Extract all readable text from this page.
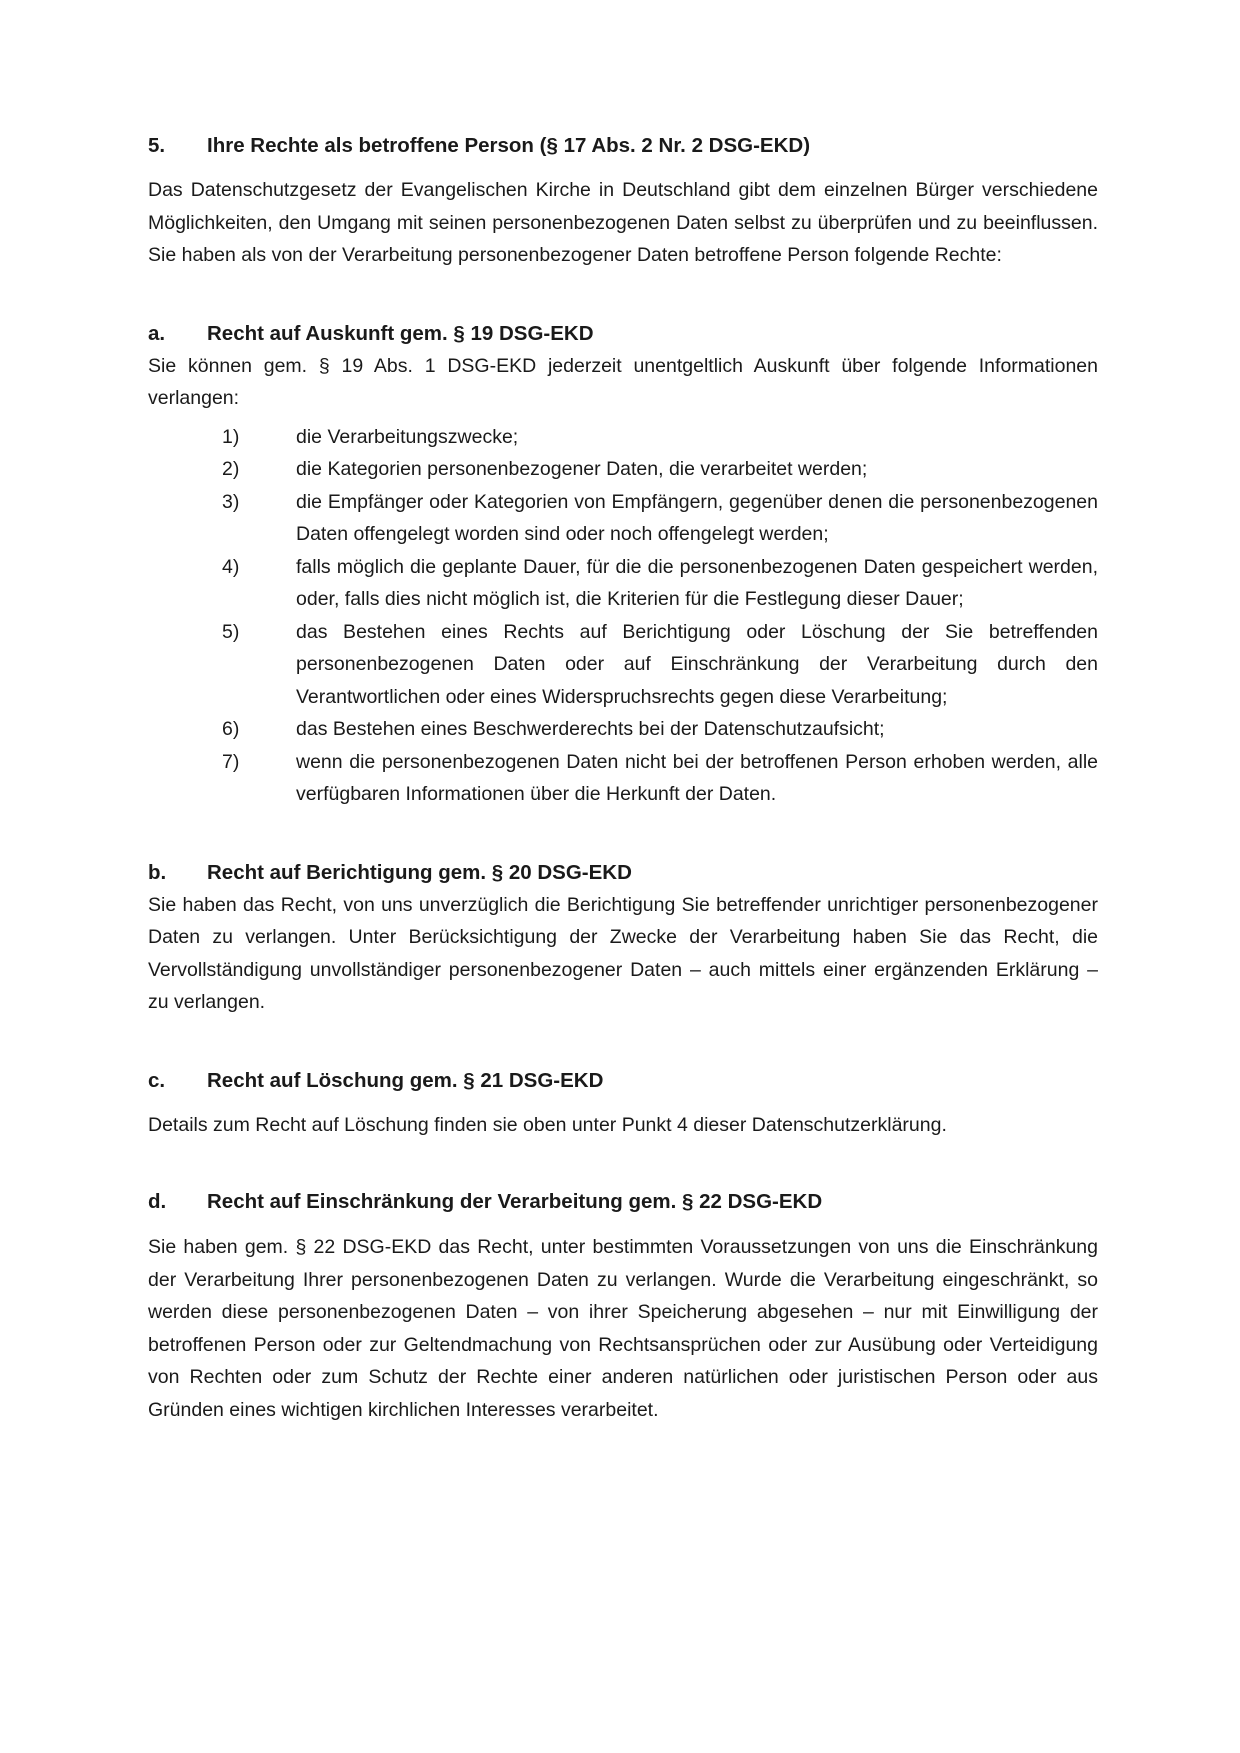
5.	Ihre Rechte als betroffene Person (§ 17 Abs. 2 Nr. 2 DSG-EKD)

Das Datenschutzgesetz der Evangelischen Kirche in Deutschland gibt dem einzelnen Bürger verschiedene Möglichkeiten, den Umgang mit seinen personenbezogenen Daten selbst zu überprüfen und zu beeinflussen. Sie haben als von der Verarbeitung personenbezogener Daten betroffene Person folgende Rechte:

a.	Recht auf Auskunft gem. § 19 DSG-EKD

Sie können gem. § 19 Abs. 1 DSG-EKD jederzeit unentgeltlich Auskunft über folgende Informationen verlangen:

1)	die Verarbeitungszwecke;
2)	die Kategorien personenbezogener Daten, die verarbeitet werden;
3)	die Empfänger oder Kategorien von Empfängern, gegenüber denen die personenbezogenen Daten offengelegt worden sind oder noch offengelegt werden;
4)	falls möglich die geplante Dauer, für die die personenbezogenen Daten gespeichert werden, oder, falls dies nicht möglich ist, die Kriterien für die Festlegung dieser Dauer;
5)	das Bestehen eines Rechts auf Berichtigung oder Löschung der Sie betreffenden personenbezogenen Daten oder auf Einschränkung der Verarbeitung durch den Verantwortlichen oder eines Widerspruchsrechts gegen diese Verarbeitung;
6)	das Bestehen eines Beschwerderechts bei der Datenschutzaufsicht;
7)	wenn die personenbezogenen Daten nicht bei der betroffenen Person erhoben werden, alle verfügbaren Informationen über die Herkunft der Daten.
b.	Recht auf Berichtigung gem. § 20 DSG-EKD

Sie haben das Recht, von uns unverzüglich die Berichtigung Sie betreffender unrichtiger personenbezogener Daten zu verlangen. Unter Berücksichtigung der Zwecke der Verarbeitung haben Sie das Recht, die Vervollständigung unvollständiger personenbezogener Daten – auch mittels einer ergänzenden Erklärung – zu verlangen.

c.	Recht auf Löschung gem. § 21 DSG-EKD

Details zum Recht auf Löschung finden sie oben unter Punkt 4 dieser Datenschutzerklärung.

d.	Recht auf Einschränkung der Verarbeitung gem. § 22 DSG-EKD

Sie haben gem. § 22 DSG-EKD das Recht, unter bestimmten Voraussetzungen von uns die Einschränkung der Verarbeitung Ihrer personenbezogenen Daten zu verlangen. Wurde die Verarbeitung eingeschränkt, so werden diese personenbezogenen Daten – von ihrer Speicherung abgesehen – nur mit Einwilligung der betroffenen Person oder zur Geltendmachung von Rechtsansprüchen oder zur Ausübung oder Verteidigung von Rechten oder zum Schutz der Rechte einer anderen natürlichen oder juristischen Person oder aus Gründen eines wichtigen kirchlichen Interesses verarbeitet.
